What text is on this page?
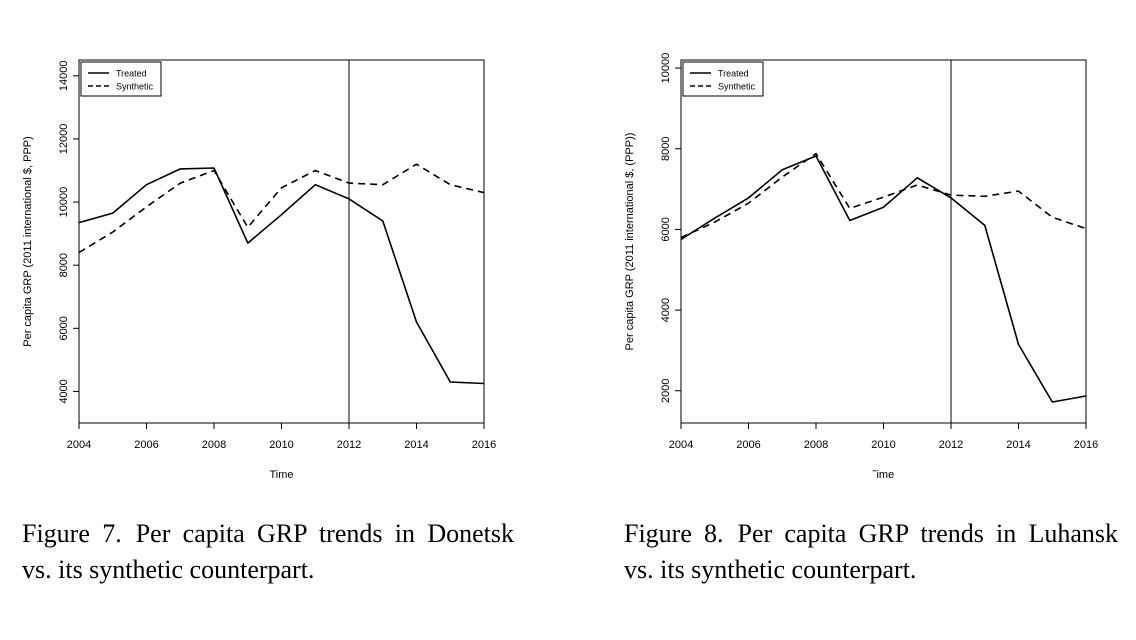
2004	2006	2008	2010	2012	2014	2016
4000
6000
8000
10000
12000
14000
Time
Per capita GRP (2011 international $, PPP)
Treated
Synthetic
Figure 7. Per capita GRP trends in Donetsk vs. its synthetic counterpart.
2004	2006	2008	2010	2012	2014	2016
2000
4000
6000
8000
10000
˜ime
Per capita GRP (2011 international $, (PPP))
Treated
Synthetic
Figure 8. Per capita GRP trends in Luhansk vs. its synthetic counterpart.
